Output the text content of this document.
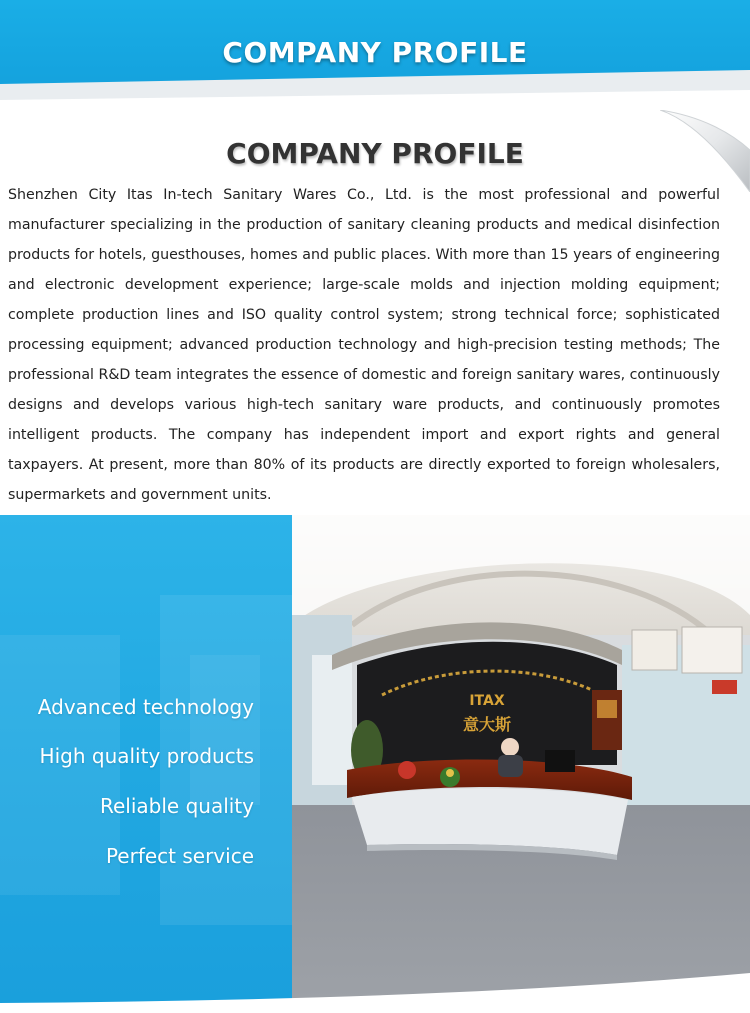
COMPANY PROFILE
COMPANY PROFILE
Shenzhen City Itas In-tech Sanitary Wares Co., Ltd. is the most professional and powerful manufacturer specializing in the production of sanitary cleaning products and medical disinfection products for hotels, guesthouses, homes and public places. With more than 15 years of engineering and electronic development experience; large-scale molds and injection molding equipment; complete production lines and ISO quality control system; strong technical force; sophisticated processing equipment; advanced production technology and high-precision testing methods; The professional R&D team integrates the essence of domestic and foreign sanitary wares, continuously designs and develops various high-tech sanitary ware products, and continuously promotes intelligent products. The company has independent import and export rights and general taxpayers. At present, more than 80% of its products are directly exported to foreign wholesalers, supermarkets and government units.
ITAX
意大斯
Advanced technology
High quality products
Reliable quality
Perfect service
